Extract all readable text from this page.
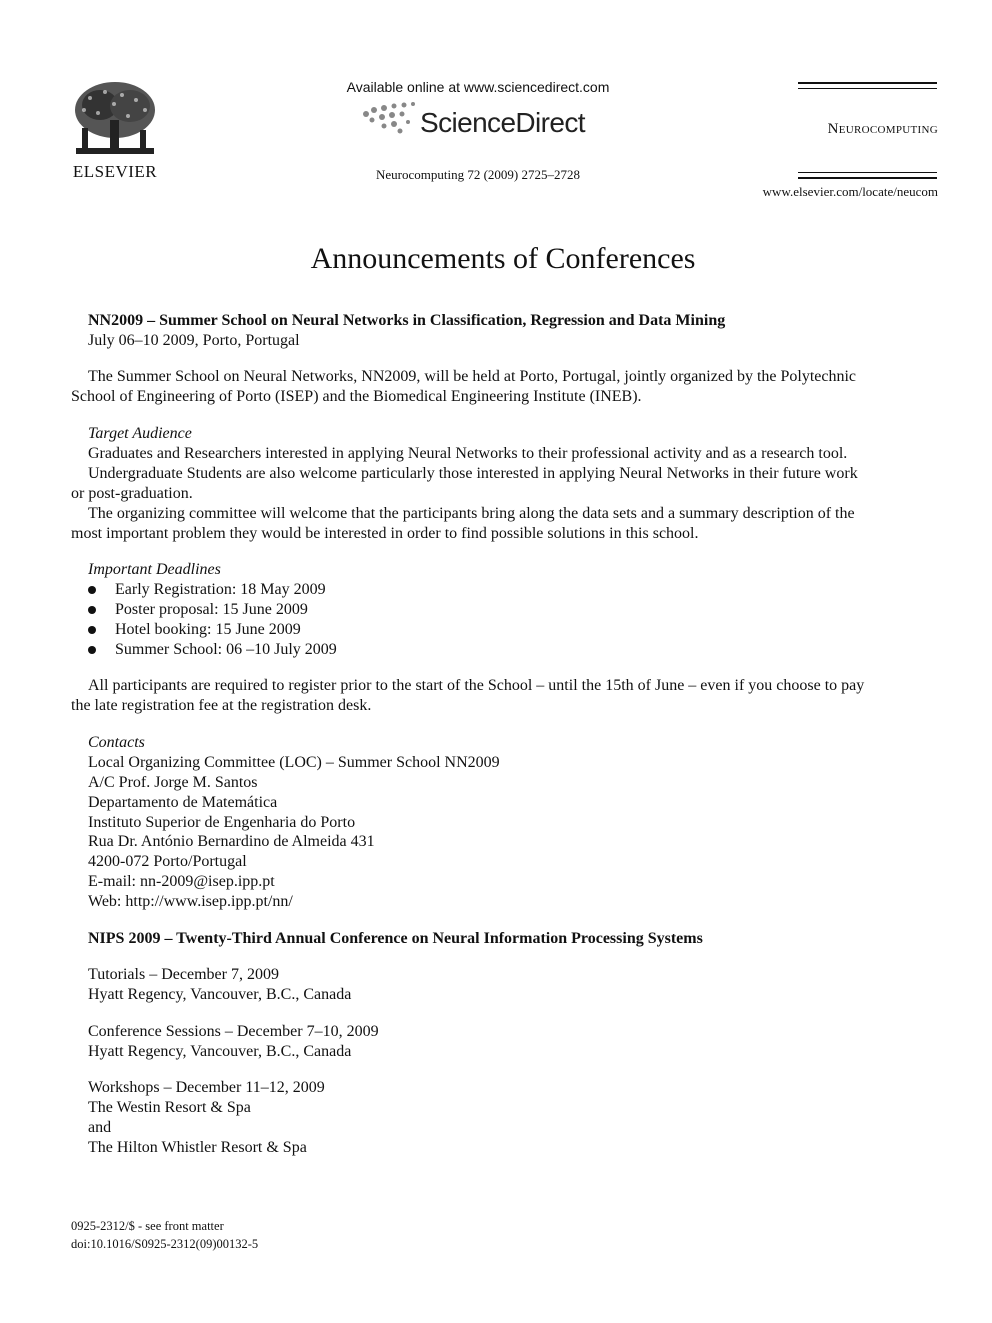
ELSEVIER
Available online at www.sciencedirect.com
ScienceDirect
Neurocomputing 72 (2009) 2725–2728
Neurocomputing
www.elsevier.com/locate/neucom
Announcements of Conferences
NN2009 – Summer School on Neural Networks in Classification, Regression and Data Mining
July 06–10 2009, Porto, Portugal
The Summer School on Neural Networks, NN2009, will be held at Porto, Portugal, jointly organized by the Polytechnic
School of Engineering of Porto (ISEP) and the Biomedical Engineering Institute (INEB).
Target Audience
Graduates and Researchers interested in applying Neural Networks to their professional activity and as a research tool.
Undergraduate Students are also welcome particularly those interested in applying Neural Networks in their future work
or post-graduation.
The organizing committee will welcome that the participants bring along the data sets and a summary description of the
most important problem they would be interested in order to find possible solutions in this school.
Important Deadlines
Early Registration: 18 May 2009
Poster proposal: 15 June 2009
Hotel booking: 15 June 2009
Summer School: 06 –10 July 2009
All participants are required to register prior to the start of the School – until the 15th of June – even if you choose to pay
the late registration fee at the registration desk.
Contacts
Local Organizing Committee (LOC) – Summer School NN2009
A/C Prof. Jorge M. Santos
Departamento de Matemática
Instituto Superior de Engenharia do Porto
Rua Dr. António Bernardino de Almeida 431
4200-072 Porto/Portugal
E-mail: nn-2009@isep.ipp.pt
Web: http://www.isep.ipp.pt/nn/
NIPS 2009 – Twenty-Third Annual Conference on Neural Information Processing Systems
Tutorials – December 7, 2009
Hyatt Regency, Vancouver, B.C., Canada
Conference Sessions – December 7–10, 2009
Hyatt Regency, Vancouver, B.C., Canada
Workshops – December 11–12, 2009
The Westin Resort & Spa
and
The Hilton Whistler Resort & Spa
0925-2312/$ - see front matter
doi:10.1016/S0925-2312(09)00132-5
